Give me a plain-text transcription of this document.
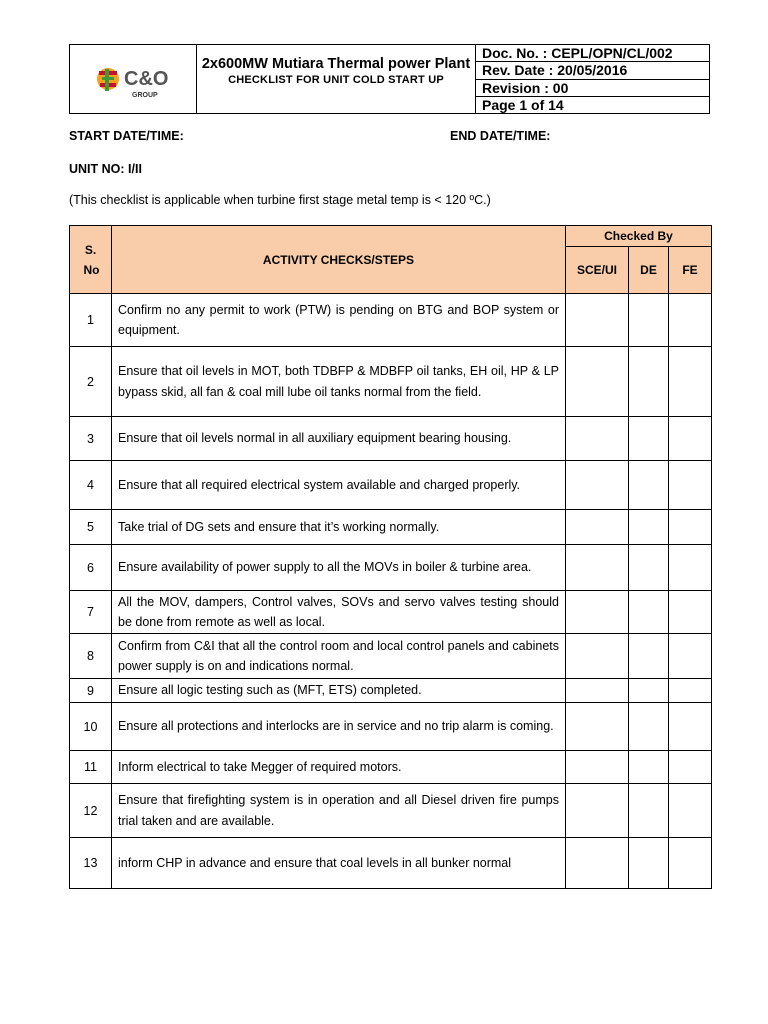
C&O
GROUP
2x600MW Mutiara Thermal power Plant
CHECKLIST FOR UNIT COLD START UP
Doc. No. : CEPL/OPN/CL/002
Rev. Date : 20/05/2016
Revision : 00
Page 1 of 14
START DATE/TIME:	END DATE/TIME:
UNIT NO: I/II
(This checklist is applicable when turbine first stage metal temp is < 120 ºC.)
S. No	ACTIVITY CHECKS/STEPS	Checked By		
		SCE/UI	DE	FE
1	Confirm no any permit to work (PTW) is pending on BTG and BOP system or equipment.			
2	Ensure that oil levels in MOT, both TDBFP & MDBFP oil tanks, EH oil, HP & LP bypass skid, all fan & coal mill lube oil tanks normal from the field.			
3	Ensure that oil levels normal in all auxiliary equipment bearing housing.			
4	Ensure that all required electrical system available and charged properly.			
5	Take trial of DG sets and ensure that it’s working normally.			
6	Ensure availability of power supply to all the MOVs in boiler & turbine area.			
7	All the MOV, dampers, Control valves, SOVs and servo valves testing should be done from remote as well as local.			
8	Confirm from C&I that all the control room and local control panels and cabinets power supply is on and indications normal.			
9	Ensure all logic testing such as (MFT, ETS) completed.			
10	Ensure all protections and interlocks are in service and no trip alarm is coming.			
11	Inform electrical to take Megger of required motors.			
12	Ensure that firefighting system is in operation and all Diesel driven fire pumps trial taken and are available.			
13	inform CHP in advance and ensure that coal levels in all bunker normal			
